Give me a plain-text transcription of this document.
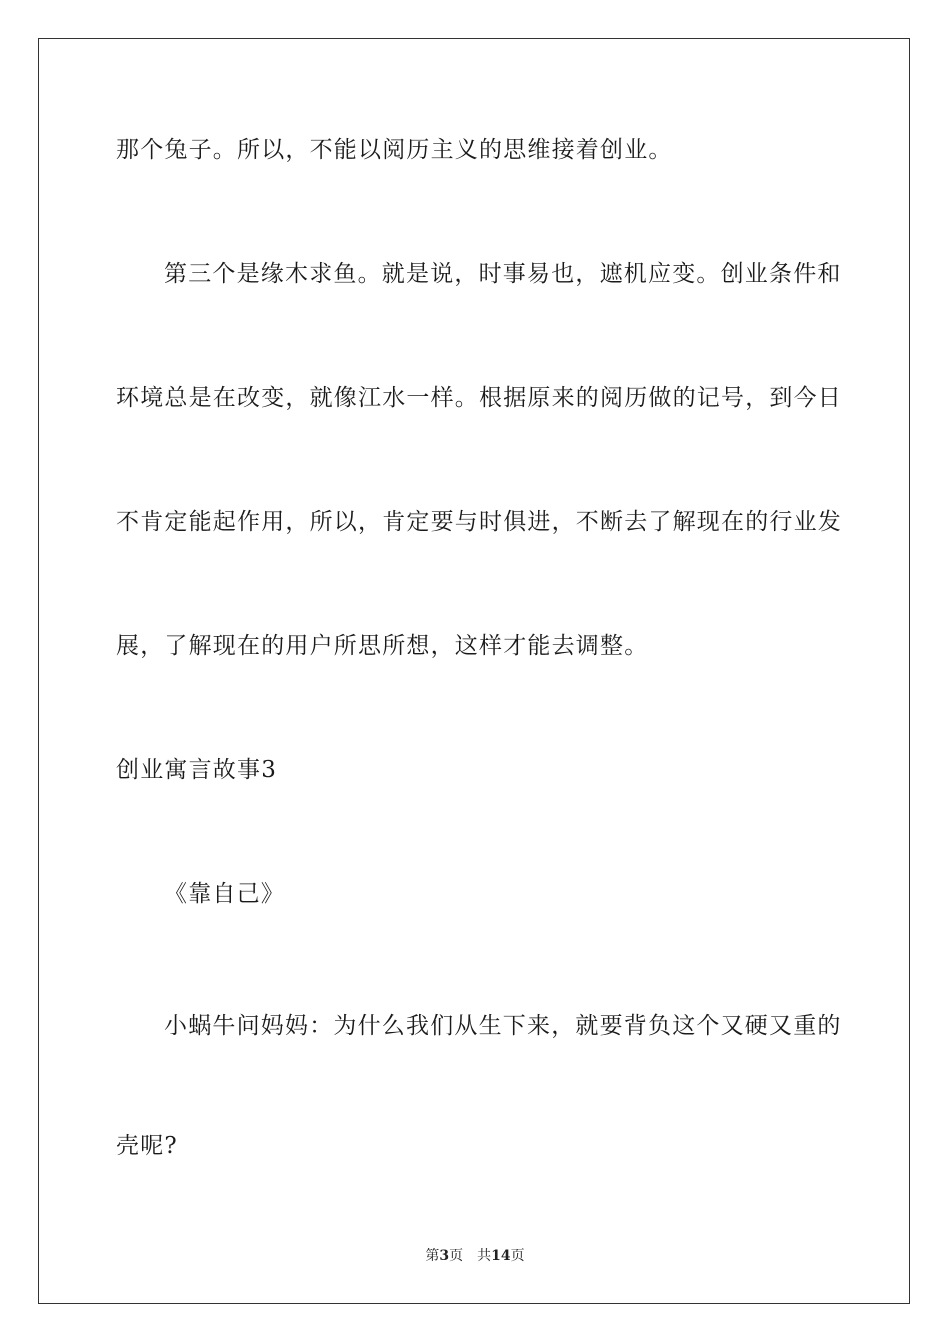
那个兔子。所以，不能以阅历主义的思维接着创业。
第三个是缘木求鱼。就是说，时事易也，遮机应变。创业条件和
环境总是在改变，就像江水一样。根据原来的阅历做的记号，到今日
不肯定能起作用，所以，肯定要与时俱进，不断去了解现在的行业发
展，了解现在的用户所思所想，这样才能去调整。
创业寓言故事3
《靠自己》
小蜗牛问妈妈：为什么我们从生下来，就要背负这个又硬又重的
壳呢?
第3页 共14页
